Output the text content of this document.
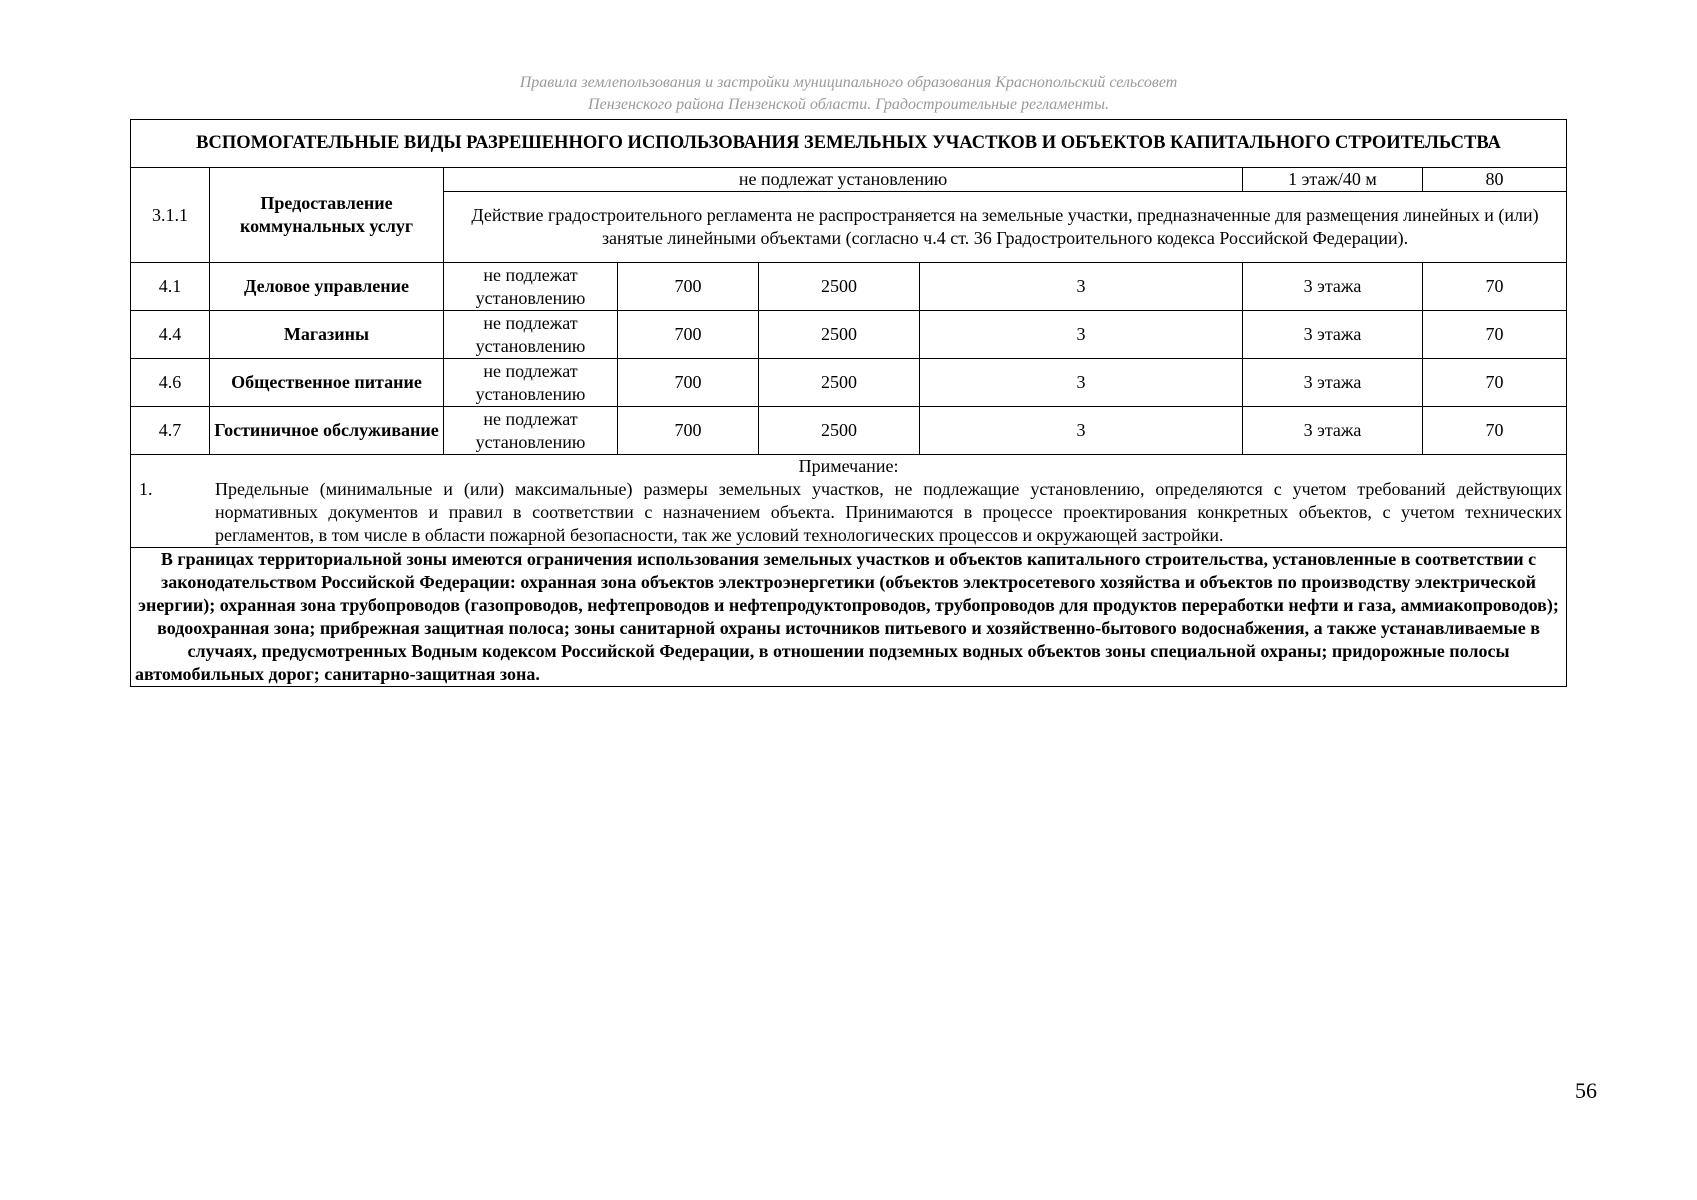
Правила землепользования и застройки муниципального образования Краснопольский сельсовет
Пензенского района Пензенской области. Градостроительные регламенты.
ВСПОМОГАТЕЛЬНЫЕ ВИДЫ РАЗРЕШЕННОГО ИСПОЛЬЗОВАНИЯ ЗЕМЕЛЬНЫХ УЧАСТКОВ И ОБЪЕКТОВ КАПИТАЛЬНОГО СТРОИТЕЛЬСТВА							
3.1.1	Предоставление коммунальных услуг	не подлежат установлению				1 этаж/40 м	80
		Действие градостроительного регламента не распространяется на земельные участки, предназначенные для размещения линейных и (или) занятые линейными объектами (согласно ч.4 ст. 36 Градостроительного кодекса Российской Федерации).					
4.1	Деловое управление	не подлежат установлению	700	2500	3	3 этажа	70
4.4	Магазины	не подлежат установлению	700	2500	3	3 этажа	70
4.6	Общественное питание	не подлежат установлению	700	2500	3	3 этажа	70
4.7	Гостиничное обслуживание	не подлежат установлению	700	2500	3	3 этажа	70

Примечание:
1. Предельные (минимальные и (или) максимальные) размеры земельных участков, не подлежащие установлению, определяются с учетом требований действующих нормативных документов и правил в соответствии с назначением объекта. Принимаются в процессе проектирования конкретных объектов, с учетом технических регламентов, в том числе в области пожарной безопасности, так же условий технологических процессов и окружающей застройки.							

В границах территориальной зоны имеются ограничения использования земельных участков и объектов капитального строительства, установленные в соответствии с законодательством Российской Федерации: охранная зона объектов электроэнергетики (объектов электросетевого хозяйства и объектов по производству электрической энергии); охранная зона трубопроводов (газопроводов, нефтепроводов и нефтепродуктопроводов, трубопроводов для продуктов переработки нефти и газа, аммиакопроводов); водоохранная зона; прибрежная защитная полоса; зоны санитарной охраны источников питьевого и хозяйственно-бытового водоснабжения, а также устанавливаемые в случаях, предусмотренных Водным кодексом Российской Федерации, в отношении подземных водных объектов зоны специальной охраны; придорожные полосы автомобильных дорог; санитарно-защитная зона.							
56
